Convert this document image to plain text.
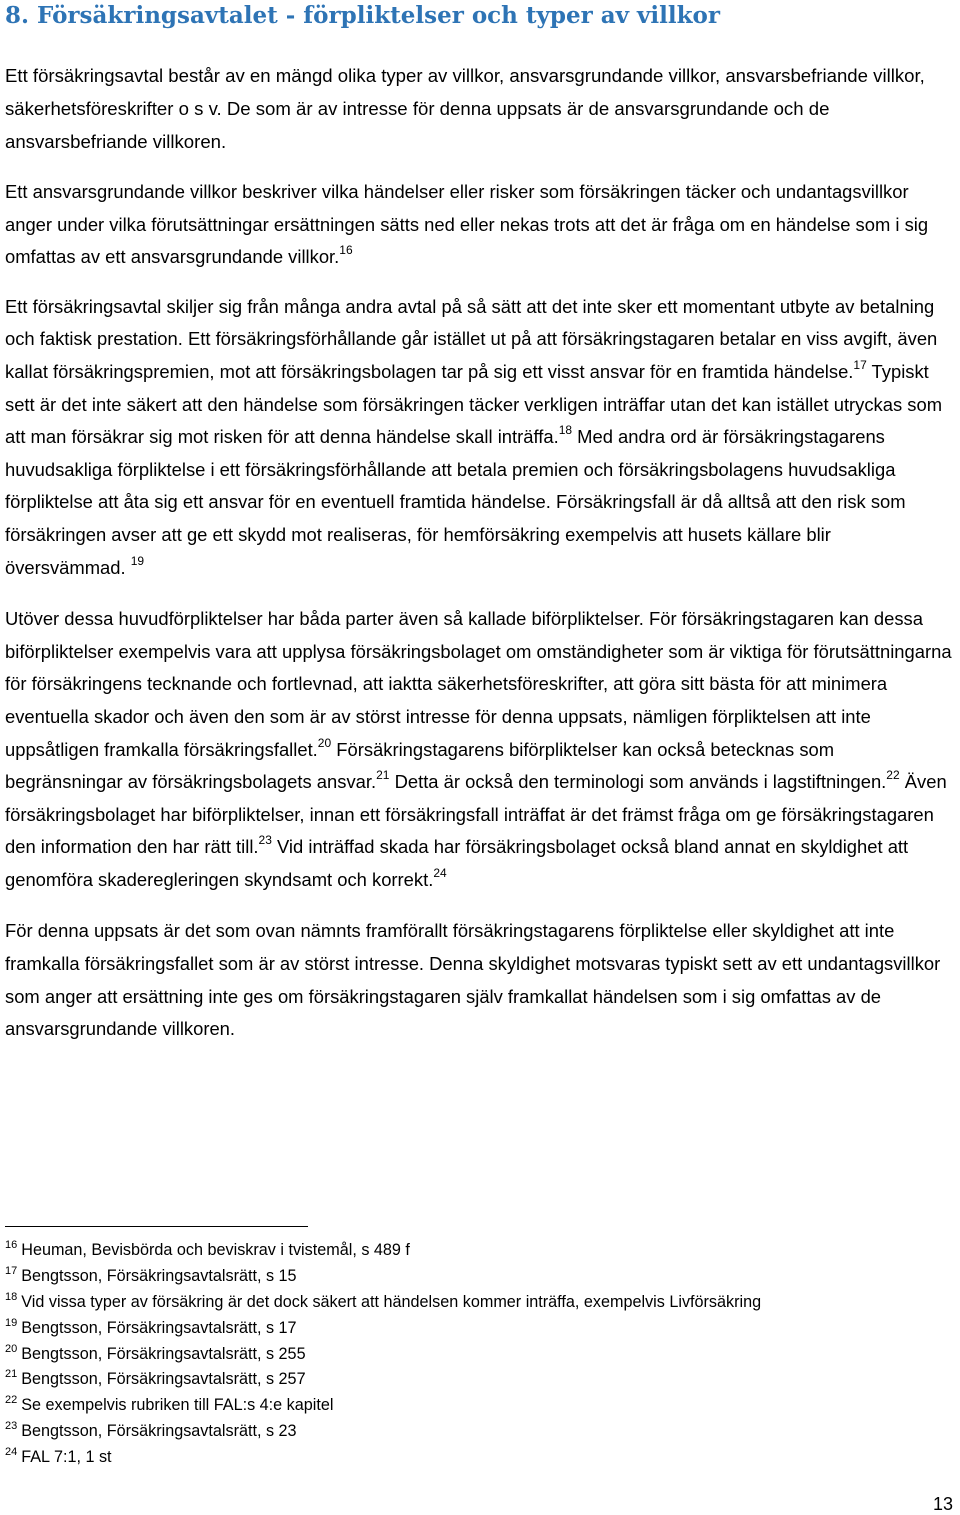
8. Försäkringsavtalet - förpliktelser och typer av villkor

Ett försäkringsavtal består av en mängd olika typer av villkor, ansvarsgrundande villkor, ansvarsbefriande villkor, säkerhetsföreskrifter o s v. De som är av intresse för denna uppsats är de ansvarsgrundande och de ansvarsbefriande villkoren.

Ett ansvarsgrundande villkor beskriver vilka händelser eller risker som försäkringen täcker och undantagsvillkor anger under vilka förutsättningar ersättningen sätts ned eller nekas trots att det är fråga om en händelse som i sig omfattas av ett ansvarsgrundande villkor.$^{16}$

Ett försäkringsavtal skiljer sig från många andra avtal på så sätt att det inte sker ett momentant utbyte av betalning och faktisk prestation. Ett försäkringsförhållande går istället ut på att försäkringstagaren betalar en viss avgift, även kallat försäkringspremien, mot att försäkringsbolagen tar på sig ett visst ansvar för en framtida händelse.$^{17}$ Typiskt sett är det inte säkert att den händelse som försäkringen täcker verkligen inträffar utan det kan istället utryckas som att man försäkrar sig mot risken för att denna händelse skall inträffa.$^{18}$ Med andra ord är försäkringstagarens huvudsakliga förpliktelse i ett försäkringsförhållande att betala premien och försäkringsbolagens huvudsakliga förpliktelse att åta sig ett ansvar för en eventuell framtida händelse. Försäkringsfall är då alltså att den risk som försäkringen avser att ge ett skydd mot realiseras, för hemförsäkring exempelvis att husets källare blir översvämmad. $^{19}$

Utöver dessa huvudförpliktelser har båda parter även så kallade biförpliktelser. För försäkringstagaren kan dessa biförpliktelser exempelvis vara att upplysa försäkringsbolaget om omständigheter som är viktiga för förutsättningarna för försäkringens tecknande och fortlevnad, att iaktta säkerhetsföreskrifter, att göra sitt bästa för att minimera eventuella skador och även den som är av störst intresse för denna uppsats, nämligen förpliktelsen att inte uppsåtligen framkalla försäkringsfallet.$^{20}$ Försäkringstagarens biförpliktelser kan också betecknas som begränsningar av försäkringsbolagets ansvar.$^{21}$ Detta är också den terminologi som används i lagstiftningen.$^{22}$ Även försäkringsbolaget har biförpliktelser, innan ett försäkringsfall inträffat är det främst fråga om ge försäkringstagaren den information den har rätt till.$^{23}$ Vid inträffad skada har försäkringsbolaget också bland annat en skyldighet att genomföra skaderegleringen skyndsamt och korrekt.$^{24}$

För denna uppsats är det som ovan nämnts framförallt försäkringstagarens förpliktelse eller skyldighet att inte framkalla försäkringsfallet som är av störst intresse. Denna skyldighet motsvaras typiskt sett av ett undantagsvillkor som anger att ersättning inte ges om försäkringstagaren själv framkallat händelsen som i sig omfattas av de ansvarsgrundande villkoren.

$^{16}$ Heuman, Bevisbörda och beviskrav i tvistemål, s 489 f
$^{17}$ Bengtsson, Försäkringsavtalsrätt, s 15
$^{18}$ Vid vissa typer av försäkring är det dock säkert att händelsen kommer inträffa, exempelvis Livförsäkring
$^{19}$ Bengtsson, Försäkringsavtalsrätt, s 17
$^{20}$ Bengtsson, Försäkringsavtalsrätt, s 255
$^{21}$ Bengtsson, Försäkringsavtalsrätt, s 257
$^{22}$ Se exempelvis rubriken till FAL:s 4:e kapitel
$^{23}$ Bengtsson, Försäkringsavtalsrätt, s 23
$^{24}$ FAL 7:1, 1 st
13
